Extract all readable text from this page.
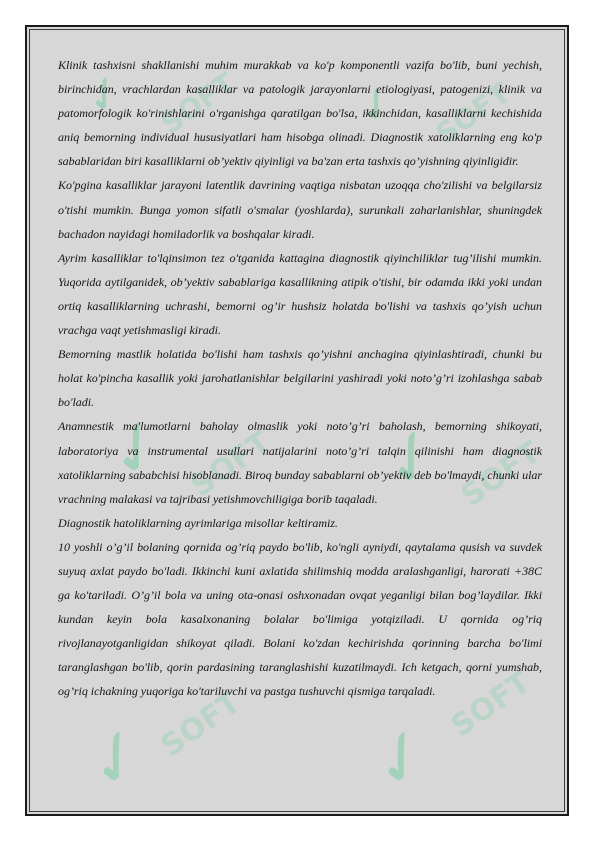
✓ SOFT ✓ SOFT
✓ SOFT ✓
SOFT
✓
SOFT ✓
SOFT

Klinik tashxisni shakllanishi muhim murakkab va ko'p komponentli vazifa bo'lib, buni yechish, birinchidan, vrachlardan kasalliklar va patologik jarayonlarni etiologiyasi, patogenizi, klinik va patomorfologik ko'rinishlarini o'rganishga qaratilgan bo'lsa, ikkinchidan, kasalliklarni kechishida aniq bemorning individual hususiyatlari ham hisobga olinadi. Diagnostik xatoliklarning eng ko'p sabablaridan biri kasalliklarni ob’yektiv qiyinligi va ba'zan erta tashxis qo’yishning qiyinligidir.

Ko'pgina kasalliklar jarayoni latentlik davrining vaqtiga nisbatan uzoqqa cho'zilishi va belgilarsiz o'tishi mumkin. Bunga yomon sifatli o'smalar (yoshlarda), surunkali zaharlanishlar, shuningdek bachadon nayidagi homiladorlik va boshqalar kiradi.

Ayrim kasalliklar to'lqinsimon tez o'tganida kattagina diagnostik qiyinchiliklar tug’ilishi mumkin. Yuqorida aytilganidek, ob’yektiv sabablariga kasallikning atipik o'tishi, bir odamda ikki yoki undan ortiq kasalliklarning uchrashi, bemorni og’ir hushsiz holatda bo'lishi va tashxis qo’yish uchun vrachga vaqt yetishmasligi kiradi.

Bemorning mastlik holatida bo'lishi ham tashxis qo’yishni anchagina qiyinlashtiradi, chunki bu holat ko'pincha kasallik yoki jarohatlanishlar belgilarini yashiradi yoki noto’g’ri izohlashga sabab bo'ladi.

Anamnestik ma'lumotlarni baholay olmaslik yoki noto’g’ri baholash, bemorning shikoyati, laboratoriya va instrumental usullari natijalarini noto’g’ri talqin qilinishi ham diagnostik xatoliklarning sababchisi hisoblanadi. Biroq bunday sabablarni ob’yektiv deb bo'lmaydi, chunki ular vrachning malakasi va tajribasi yetishmovchiligiga borib taqaladi.

Diagnostik hatoliklarning ayrimlariga misollar keltiramiz.

10 yoshli o’g’il bolaning qornida og’riq paydo bo'lib, ko'ngli ayniydi, qaytalama qusish va suvdek suyuq axlat paydo bo'ladi. Ikkinchi kuni axlatida shilimshiq modda aralashganligi, harorati +38C ga ko'tariladi. O’g’il bola va uning ota-onasi oshxonadan ovqat yeganligi bilan bog’laydilar. Ikki kundan keyin bola kasalxonaning bolalar bo'limiga yotqiziladi. U qornida og’riq rivojlanayotganligidan shikoyat qiladi. Bolani ko'zdan kechirishda qorinning barcha bo'limi taranglashgan bo'lib, qorin pardasining taranglashishi kuzatilmaydi. Ich ketgach, qorni yumshab, og’riq ichakning yuqoriga ko'tariluvchi va pastga tushuvchi qismiga tarqaladi.
